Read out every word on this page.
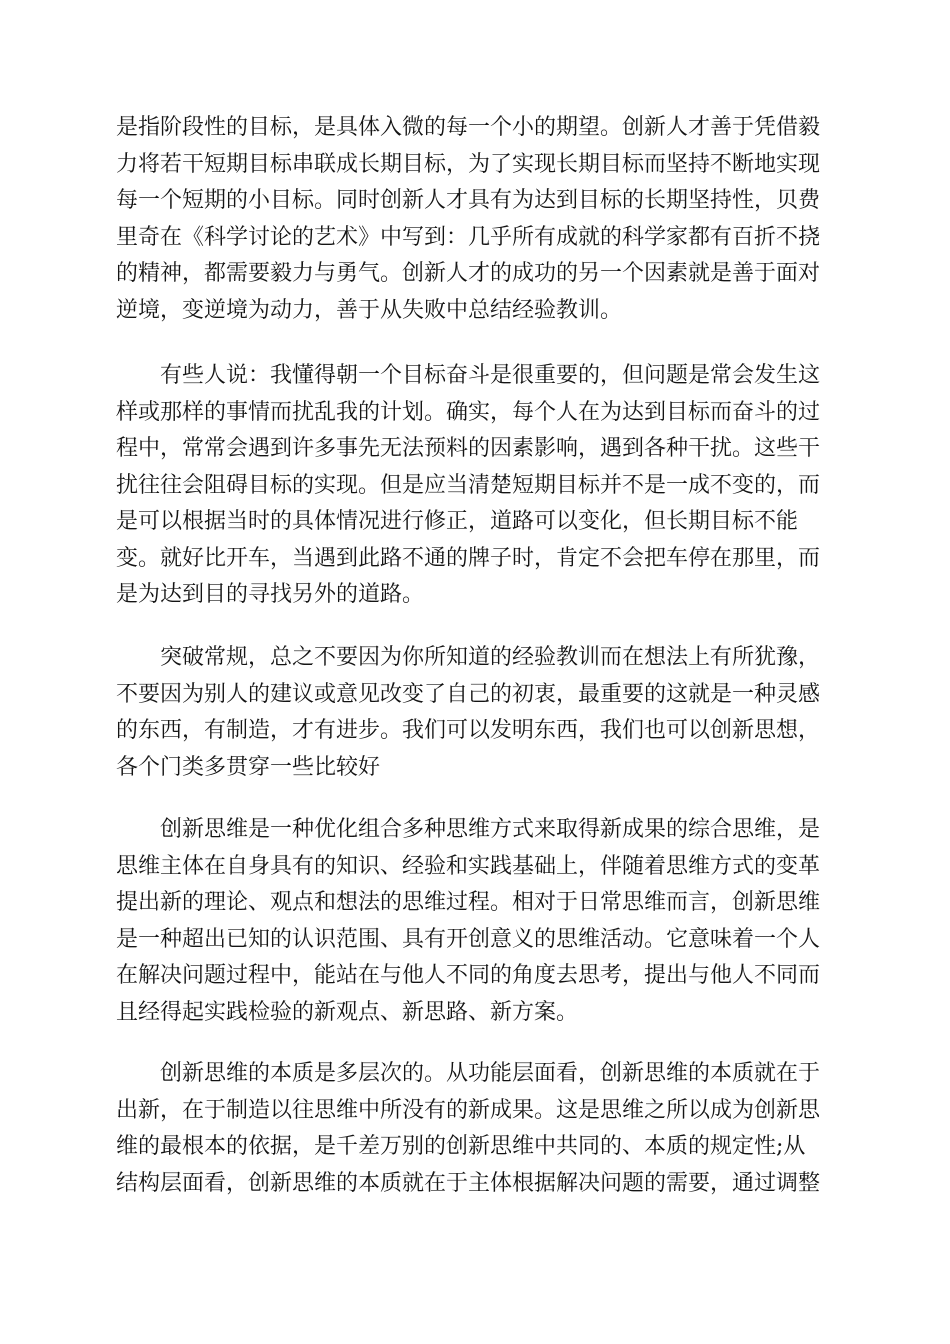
是指阶段性的目标，是具体入微的每一个小的期望。创新人才善于凭借毅
力将若干短期目标串联成长期目标，为了实现长期目标而坚持不断地实现
每一个短期的小目标。同时创新人才具有为达到目标的长期坚持性，贝费
里奇在《科学讨论的艺术》中写到：几乎所有成就的科学家都有百折不挠
的精神，都需要毅力与勇气。创新人才的成功的另一个因素就是善于面对
逆境，变逆境为动力，善于从失败中总结经验教训。
有些人说：我懂得朝一个目标奋斗是很重要的，但问题是常会发生这
样或那样的事情而扰乱我的计划。确实，每个人在为达到目标而奋斗的过
程中，常常会遇到许多事先无法预料的因素影响，遇到各种干扰。这些干
扰往往会阻碍目标的实现。但是应当清楚短期目标并不是一成不变的，而
是可以根据当时的具体情况进行修正，道路可以变化，但长期目标不能
变。就好比开车，当遇到此路不通的牌子时，肯定不会把车停在那里，而
是为达到目的寻找另外的道路。
突破常规，总之不要因为你所知道的经验教训而在想法上有所犹豫，
不要因为别人的建议或意见改变了自己的初衷，最重要的这就是一种灵感
的东西，有制造，才有进步。我们可以发明东西，我们也可以创新思想，
各个门类多贯穿一些比较好
创新思维是一种优化组合多种思维方式来取得新成果的综合思维，是
思维主体在自身具有的知识、经验和实践基础上，伴随着思维方式的变革
提出新的理论、观点和想法的思维过程。相对于日常思维而言，创新思维
是一种超出已知的认识范围、具有开创意义的思维活动。它意味着一个人
在解决问题过程中，能站在与他人不同的角度去思考，提出与他人不同而
且经得起实践检验的新观点、新思路、新方案。
创新思维的本质是多层次的。从功能层面看，创新思维的本质就在于
出新，在于制造以往思维中所没有的新成果。这是思维之所以成为创新思
维的最根本的依据，是千差万别的创新思维中共同的、本质的规定性;从
结构层面看，创新思维的本质就在于主体根据解决问题的需要，通过调整
